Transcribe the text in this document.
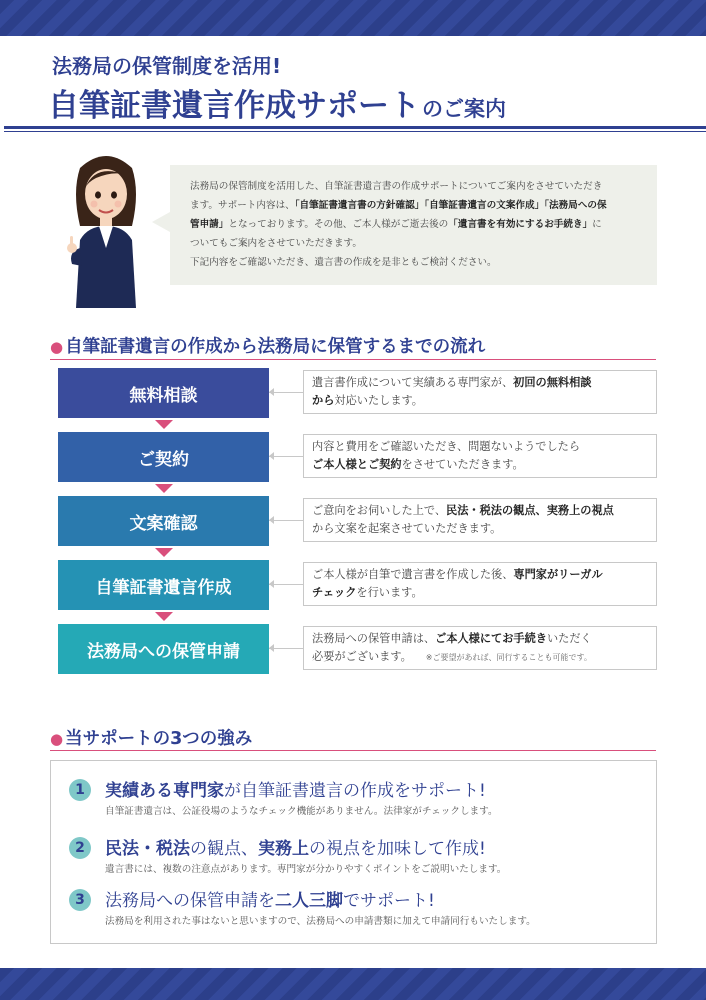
法務局の保管制度を活用!
自筆証書遺言作成サポートのご案内
法務局の保管制度を活用した、自筆証書遺言書の作成サポートについてご案内をさせていただき
ます。サポート内容は、「自筆証書遺言書の方針確認」「自筆証書遺言の文案作成」「法務局への保
管申請」となっております。その他、ご本人様がご逝去後の「遺言書を有効にするお手続き」に
ついてもご案内をさせていただきます。
下記内容をご確認いただき、遺言書の作成を是非ともご検討ください。
● 自筆証書遺言の作成から法務局に保管するまでの流れ
無料相談
遺言書作成について実績ある専門家が、初回の無料相談
から対応いたします。
ご契約
内容と費用をご確認いただき、問題ないようでしたら
ご本人様とご契約をさせていただきます。
文案確認
ご意向をお伺いした上で、民法・税法の観点、実務上の視点
から文案を起案させていただきます。
自筆証書遺言作成
ご本人様が自筆で遺言書を作成した後、専門家がリーガル
チェックを行います。
法務局への保管申請
法務局への保管申請は、ご本人様にてお手続きいただく
必要がございます。 ※ご要望があれば、同行することも可能です。
● 当サポートの3つの強み
1	実績ある専門家が自筆証書遺言の作成をサポート!
自筆証書遺言は、公証役場のようなチェック機能がありません。法律家がチェックします。
2	民法・税法の観点、実務上の視点を加味して作成!
遺言書には、複数の注意点があります。専門家が分かりやすくポイントをご説明いたします。
3	法務局への保管申請を二人三脚でサポート!
法務局を利用された事はないと思いますので、法務局への申請書類に加えて申請同行もいたします。
